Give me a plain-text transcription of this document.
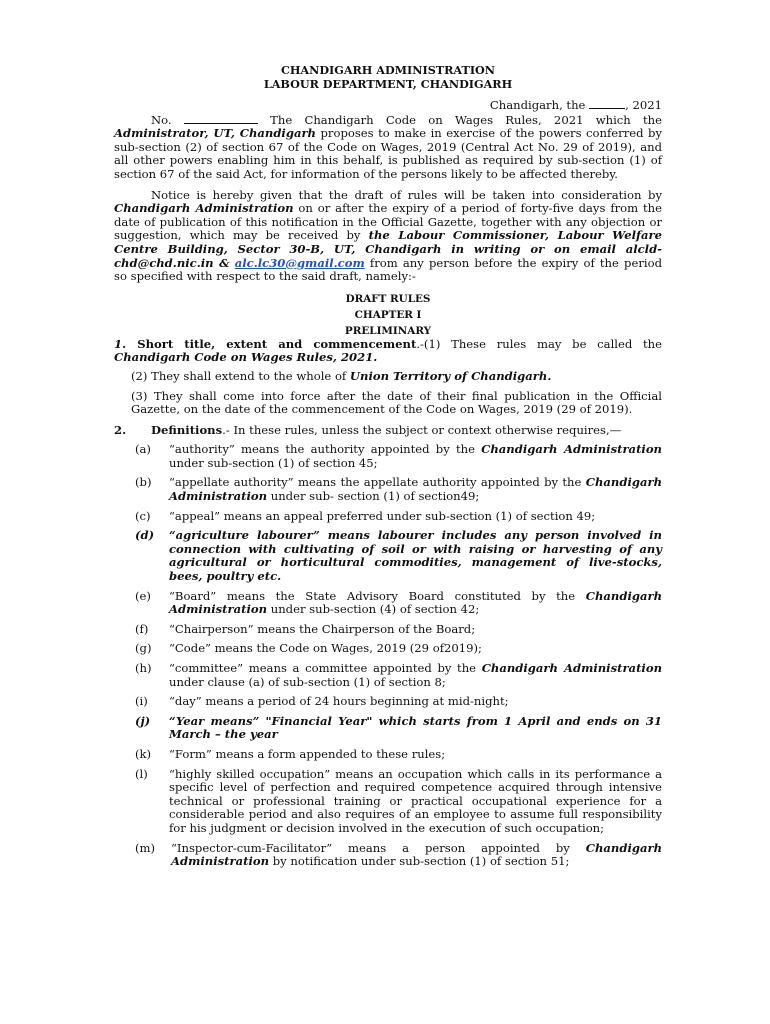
CHANDIGARH ADMINISTRATION
LABOUR DEPARTMENT, CHANDIGARH
Chandigarh, the	, 2021
No.	The Chandigarh Code on Wages Rules, 2021 which the Administrator, UT, Chandigarh proposes to make in exercise of the powers conferred by sub-section (2) of section 67 of the Code on Wages, 2019 (Central Act No. 29 of 2019), and all other powers enabling him in this behalf, is published as required by sub-section (1) of section 67 of the said Act, for information of the persons likely to be affected thereby.
Notice is hereby given that the draft of rules will be taken into consideration by Chandigarh Administration on or after the expiry of a period of forty-five days from the date of publication of this notification in the Official Gazette, together with any objection or suggestion, which may be received by the Labour Commissioner, Labour Welfare Centre Building, Sector 30-B, UT, Chandigarh in writing or on email alcld-chd@chd.nic.in & alc.lc30@gmail.com from any person before the expiry of the period so specified with respect to the said draft, namely:-
DRAFT RULES
CHAPTER I
PRELIMINARY
1. Short title, extent and commencement.-(1) These rules may be called the Chandigarh Code on Wages Rules, 2021.
(2) They shall extend to the whole of Union Territory of Chandigarh.
(3) They shall come into force after the date of their final publication in the Official Gazette, on the date of the commencement of the Code on Wages, 2019 (29 of 2019).
2.	Definitions.- In these rules, unless the subject or context otherwise requires,—
(a)	“authority” means the authority appointed by the Chandigarh Administration under sub-section (1) of section 45;
(b)	“appellate authority” means the appellate authority appointed by the Chandigarh Administration under sub- section (1) of section49;
(c)	“appeal” means an appeal preferred under sub-section (1) of section 49;
(d)	“agriculture labourer” means labourer includes any person involved in connection with cultivating of soil or with raising or harvesting of any agricultural or horticultural commodities, management of live-stocks, bees, poultry etc.
(e)	“Board” means the State Advisory Board constituted by the Chandigarh Administration under sub-section (4) of section 42;
(f)	“Chairperson” means the Chairperson of the Board;
(g)	“Code” means the Code on Wages, 2019 (29 of2019);
(h)	“committee” means a committee appointed by the Chandigarh Administration under clause (a) of sub-section (1) of section 8;
(i)	“day” means a period of 24 hours beginning at mid-night;
(j)	“Year means” "Financial Year" which starts from 1 April and ends on 31 March – the year
(k)	“Form” means a form appended to these rules;
(l)	“highly skilled occupation” means an occupation which calls in its performance a specific level of perfection and required competence acquired through intensive technical or professional training or practical occupational experience for a considerable period and also requires of an employee to assume full responsibility for his judgment or decision involved in the execution of such occupation;
(m)	“Inspector-cum-Facilitator” means a person appointed by Chandigarh Administration by notification under sub-section (1) of section 51;
